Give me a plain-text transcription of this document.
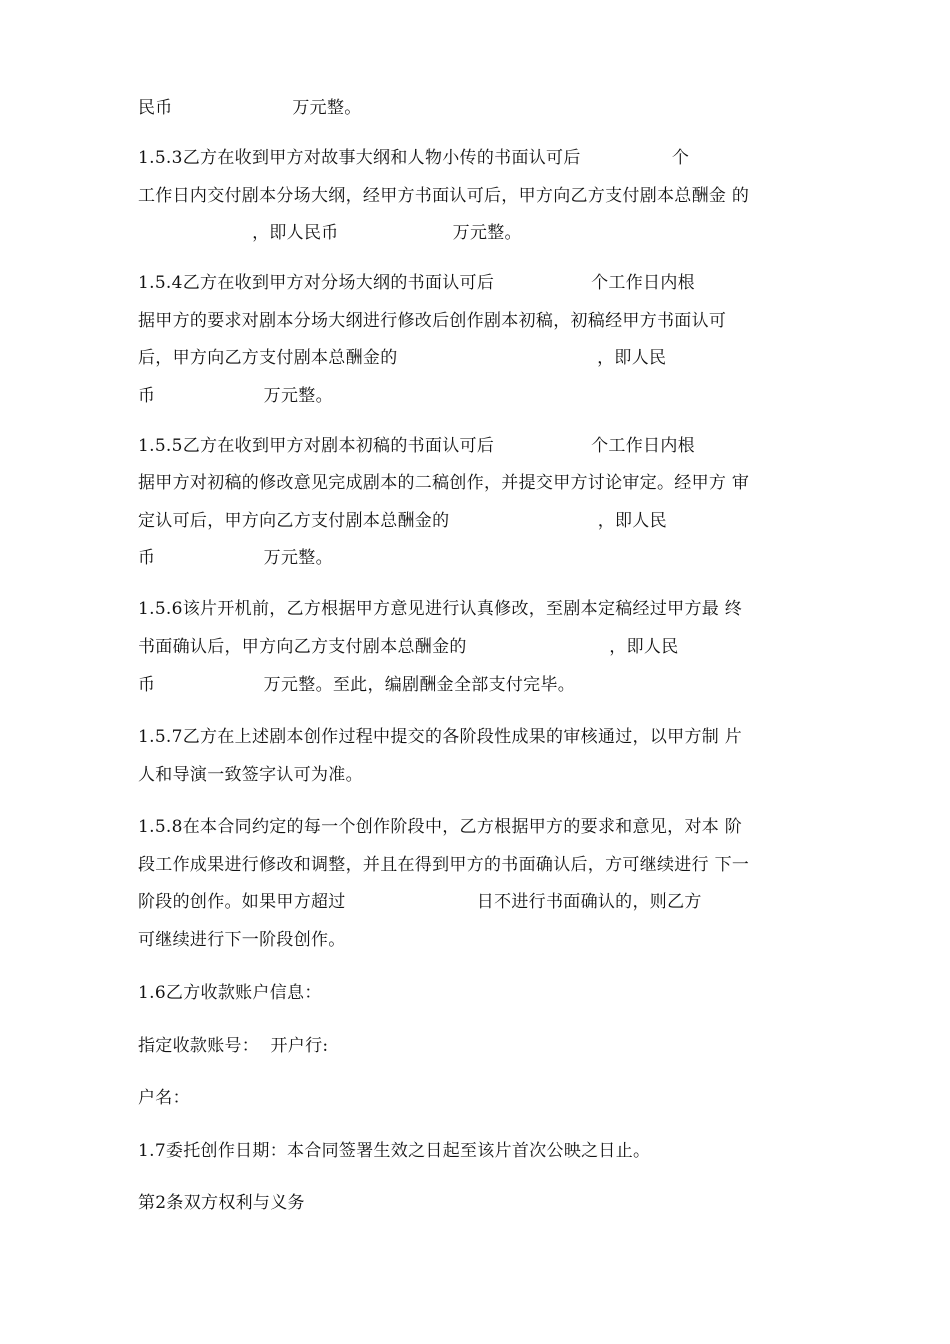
民币                     万元整。
1.5.3乙方在收到甲方对故事大纲和人物小传的书面认可后                个
工作日内交付剧本分场大纲，经甲方书面认可后，甲方向乙方支付剧本总酬金 的
，即人民币                    万元整。
1.5.4乙方在收到甲方对分场大纲的书面认可后                 个工作日内根
据甲方的要求对剧本分场大纲进行修改后创作剧本初稿，初稿经甲方书面认可
后，甲方向乙方支付剧本总酬金的                                   ，即人民
币                   万元整。
1.5.5乙方在收到甲方对剧本初稿的书面认可后                 个工作日内根
据甲方对初稿的修改意见完成剧本的二稿创作，并提交甲方讨论审定。经甲方 审
定认可后，甲方向乙方支付剧本总酬金的                          ，即人民
币                   万元整。
1.5.6该片开机前，乙方根据甲方意见进行认真修改，至剧本定稿经过甲方最 终
书面确认后，甲方向乙方支付剧本总酬金的                         ，即人民
币                   万元整。至此，编剧酬金全部支付完毕。
1.5.7乙方在上述剧本创作过程中提交的各阶段性成果的审核通过，以甲方制 片
人和导演一致签字认可为准。
1.5.8在本合同约定的每一个创作阶段中，乙方根据甲方的要求和意见，对本 阶
段工作成果进行修改和调整，并且在得到甲方的书面确认后，方可继续进行 下一
阶段的创作。如果甲方超过                       日不进行书面确认的，则乙方
可继续进行下一阶段创作。
1.6乙方收款账户信息：
指定收款账号：  开户行:
户名：
1.7委托创作日期：本合同签署生效之日起至该片首次公映之日止。
第2条双方权利与义务
